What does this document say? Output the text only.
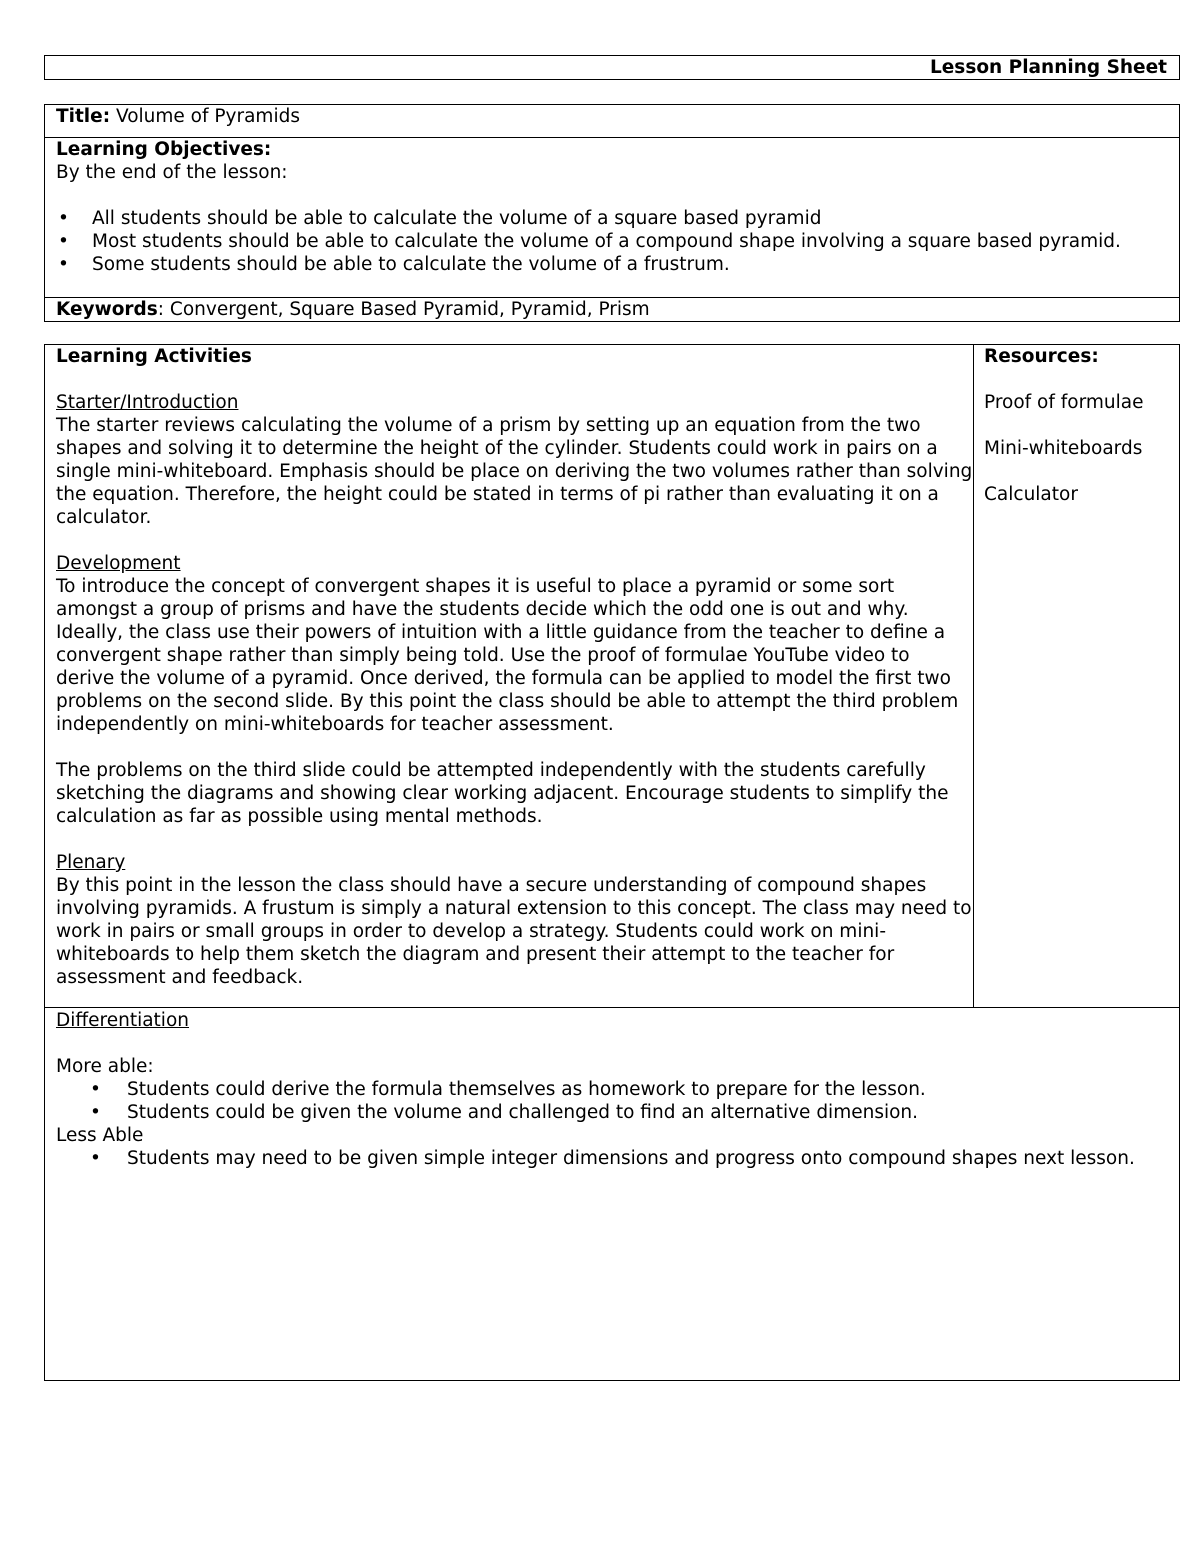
Lesson Planning Sheet
Title: Volume of Pyramids

Learning Objectives:

By the end of the lesson:

• All students should be able to calculate the volume of a square based pyramid
• Most students should be able to calculate the volume of a compound shape involving a square based pyramid.
• Some students should be able to calculate the volume of a frustrum.
Keywords: Convergent, Square Based Pyramid, Pyramid, Prism

Learning Activities

Starter/Introduction

The starter reviews calculating the volume of a prism by setting up an equation from the two shapes and solving it to determine the height of the cylinder. Students could work in pairs on a single mini-whiteboard. Emphasis should be place on deriving the two volumes rather than solving the equation. Therefore, the height could be stated in terms of pi rather than evaluating it on a calculator.

Development

To introduce the concept of convergent shapes it is useful to place a pyramid or some sort amongst a group of prisms and have the students decide which the odd one is out and why. Ideally, the class use their powers of intuition with a little guidance from the teacher to define a convergent shape rather than simply being told. Use the proof of formulae YouTube video to derive the volume of a pyramid. Once derived, the formula can be applied to model the first two problems on the second slide. By this point the class should be able to attempt the third problem independently on mini-whiteboards for teacher assessment.

The problems on the third slide could be attempted independently with the students carefully sketching the diagrams and showing clear working adjacent. Encourage students to simplify the calculation as far as possible using mental methods.

Plenary

By this point in the lesson the class should have a secure understanding of compound shapes involving pyramids. A frustum is simply a natural extension to this concept. The class may need to work in pairs or small groups in order to develop a strategy. Students could work on mini-whiteboards to help them sketch the diagram and present their attempt to the teacher for assessment and feedback.

Resources:

Proof of formulae

Mini-whiteboards

Calculator

Differentiation

More able:

• Students could derive the formula themselves as homework to prepare for the lesson.
• Students could be given the volume and challenged to find an alternative dimension.

Less Able

• Students may need to be given simple integer dimensions and progress onto compound shapes next lesson.
